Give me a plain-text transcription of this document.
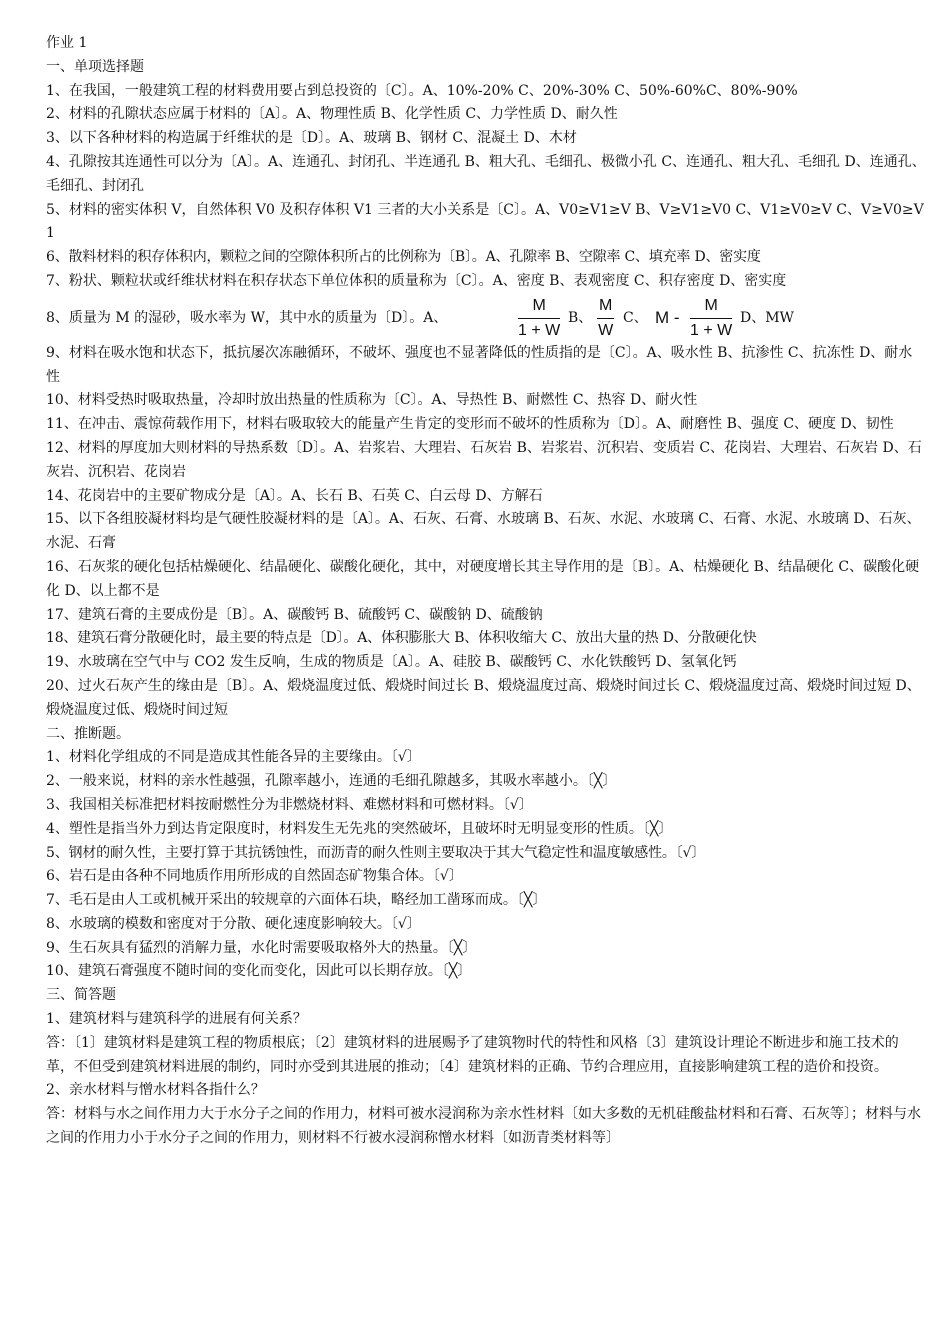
作业 1

一、单项选择题

1、在我国，一般建筑工程的材料费用要占到总投资的〔C〕。A、10%-20% C、20%-30% C、50%-60%C、80%-90%

2、材料的孔隙状态应属于材料的〔A〕。A、物理性质 B、化学性质 C、力学性质 D、耐久性

3、以下各种材料的构造属于纤维状的是〔D〕。A、玻璃 B、钢材 C、混凝土 D、木材

4、孔隙按其连通性可以分为〔A〕。A、连通孔、封闭孔、半连通孔 B、粗大孔、毛细孔、极微小孔 C、连通孔、粗大孔、毛细孔 D、连通孔、毛细孔、封闭孔

5、材料的密实体积 V，自然体积 V0 及积存体积 V1 三者的大小关系是〔C〕。A、V0≥V1≥V B、V≥V1≥V0 C、V1≥V0≥V C、V≥V0≥V1

6、散料材料的积存体积内，颗粒之间的空隙体积所占的比例称为〔B〕。A、孔隙率 B、空隙率 C、填充率 D、密实度

7、粉状、颗粒状或纤维状材料在积存状态下单位体积的质量称为〔C〕。A、密度 B、表观密度 C、积存密度 D、密实度

8、质量为 M 的湿砂，吸水率为 W，其中水的质量为〔D〕。A、	$\frac{M}{1 + W}$ B、 $\frac{M}{W}$ C、 M - $\frac{M}{1 + W}$ D、MW

9、材料在吸水饱和状态下，抵抗屡次冻融循环，不破坏、强度也不显著降低的性质指的是〔C〕。A、吸水性 B、抗渗性 C、抗冻性 D、耐水性

10、材料受热时吸取热量，冷却时放出热量的性质称为〔C〕。A、导热性 B、耐燃性 C、热容 D、耐火性

11、在冲击、震惊荷载作用下，材料右吸取较大的能量产生肯定的变形而不破坏的性质称为〔D〕。A、耐磨性 B、强度 C、硬度 D、韧性

12、材料的厚度加大则材料的导热系数〔D〕。A、岩浆岩、大理岩、石灰岩 B、岩浆岩、沉积岩、变质岩 C、花岗岩、大理岩、石灰岩 D、石灰岩、沉积岩、花岗岩

14、花岗岩中的主要矿物成分是〔A〕。A、长石 B、石英 C、白云母 D、方解石

15、以下各组胶凝材料均是气硬性胶凝材料的是〔A〕。A、石灰、石膏、水玻璃 B、石灰、水泥、水玻璃 C、石膏、水泥、水玻璃 D、石灰、水泥、石膏

16、石灰浆的硬化包括枯燥硬化、结晶硬化、碳酸化硬化，其中，对硬度增长其主导作用的是〔B〕。A、枯燥硬化 B、结晶硬化 C、碳酸化硬化 D、以上都不是

17、建筑石膏的主要成份是〔B〕。A、碳酸钙 B、硫酸钙 C、碳酸钠 D、硫酸钠

18、建筑石膏分散硬化时，最主要的特点是〔D〕。A、体积膨胀大 B、体积收缩大 C、放出大量的热 D、分散硬化快

19、水玻璃在空气中与 CO2 发生反响，生成的物质是〔A〕。A、硅胶 B、碳酸钙 C、水化铁酸钙 D、氢氧化钙

20、过火石灰产生的缘由是〔B〕。A、煅烧温度过低、煅烧时间过长 B、煅烧温度过高、煅烧时间过长 C、煅烧温度过高、煅烧时间过短 D、煅烧温度过低、煅烧时间过短

二、推断题。

1、材料化学组成的不同是造成其性能各异的主要缘由。〔√〕

2、一般来说，材料的亲水性越强，孔隙率越小，连通的毛细孔隙越多，其吸水率越小。〔╳〕

3、我国相关标准把材料按耐燃性分为非燃烧材料、难燃材料和可燃材料。〔√〕

4、塑性是指当外力到达肯定限度时，材料发生无先兆的突然破坏，且破坏时无明显变形的性质。〔╳〕

5、钢材的耐久性，主要打算于其抗锈蚀性，而沥青的耐久性则主要取决于其大气稳定性和温度敏感性。〔√〕

6、岩石是由各种不同地质作用所形成的自然固态矿物集合体。〔√〕

7、毛石是由人工或机械开采出的较规章的六面体石块，略经加工凿琢而成。〔╳〕

8、水玻璃的模数和密度对于分散、硬化速度影响较大。〔√〕

9、生石灰具有猛烈的消解力量，水化时需要吸取格外大的热量。〔╳〕

10、建筑石膏强度不随时间的变化而变化，因此可以长期存放。〔╳〕

三、简答题

1、建筑材料与建筑科学的进展有何关系？

答：〔1〕建筑材料是建筑工程的物质根底；〔2〕建筑材料的进展赐予了建筑物时代的特性和风格〔3〕建筑设计理论不断进步和施工技术的革，不但受到建筑材料进展的制约，同时亦受到其进展的推动；〔4〕建筑材料的正确、节约合理应用，直接影响建筑工程的造价和投资。

2、亲水材料与憎水材料各指什么？

答：材料与水之间作用力大于水分子之间的作用力，材料可被水浸润称为亲水性材料〔如大多数的无机硅酸盐材料和石膏、石灰等〕；材料与水之间的作用力小于水分子之间的作用力，则材料不行被水浸润称憎水材料〔如沥青类材料等〕
